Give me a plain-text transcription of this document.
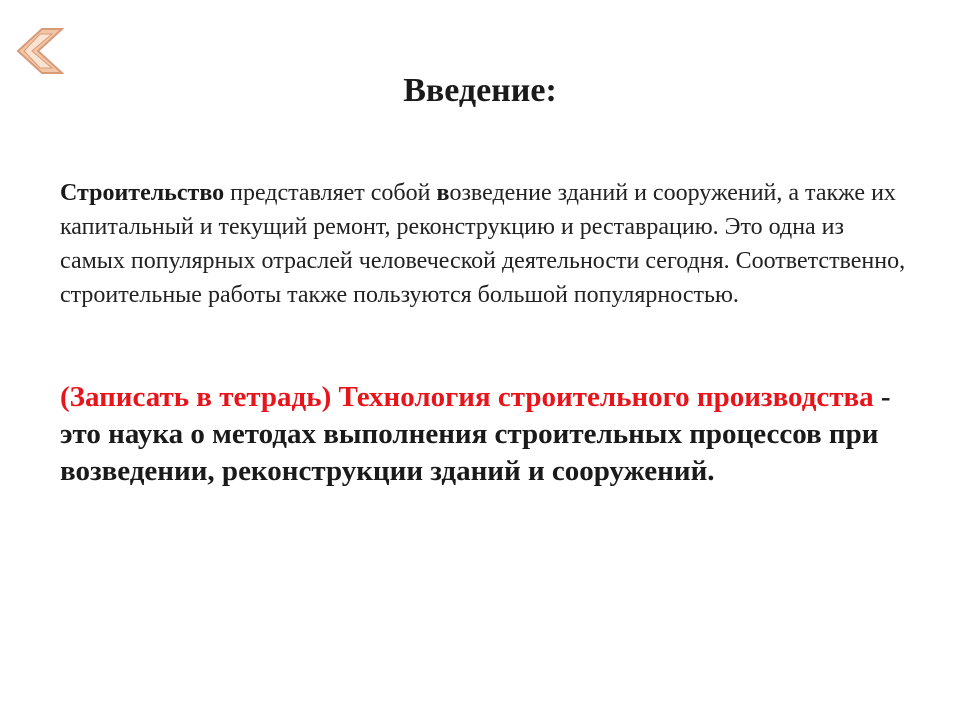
Введение:

Строительство представляет собой возведение зданий и сооружений, а также их капитальный и текущий ремонт, реконструкцию и реставрацию. Это одна из самых популярных отраслей человеческой деятельности сегодня. Соответственно, строительные работы также пользуются большой популярностью.

(Записать в тетрадь) Технология строительного производства - это наука о методах выполнения строительных процессов при возведении, реконструкции зданий и сооружений.
